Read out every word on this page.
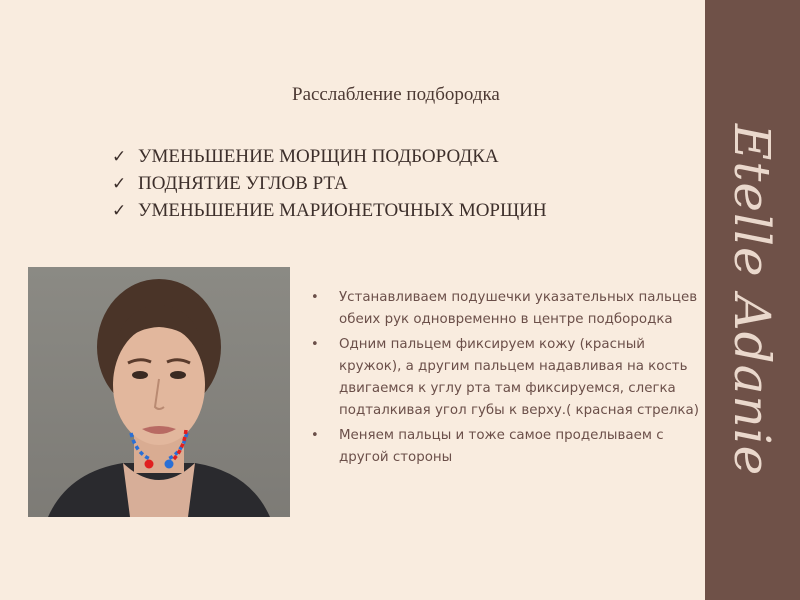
Etelle Adanie
Расслабление подбородка
✓ УМЕНЬШЕНИЕ МОРЩИН ПОДБОРОДКА
✓ ПОДНЯТИЕ УГЛОВ РТА
✓ УМЕНЬШЕНИЕ МАРИОНЕТОЧНЫХ МОРЩИН
• Устанавливаем подушечки указательных пальцев обеих рук одновременно в центре подбородка
• Одним пальцем фиксируем кожу (красный кружок), а другим пальцем надавливая на кость двигаемся к углу рта там фиксируемся, слегка подталкивая угол губы к верху.( красная стрелка)
• Меняем пальцы и тоже самое проделываем с другой стороны
